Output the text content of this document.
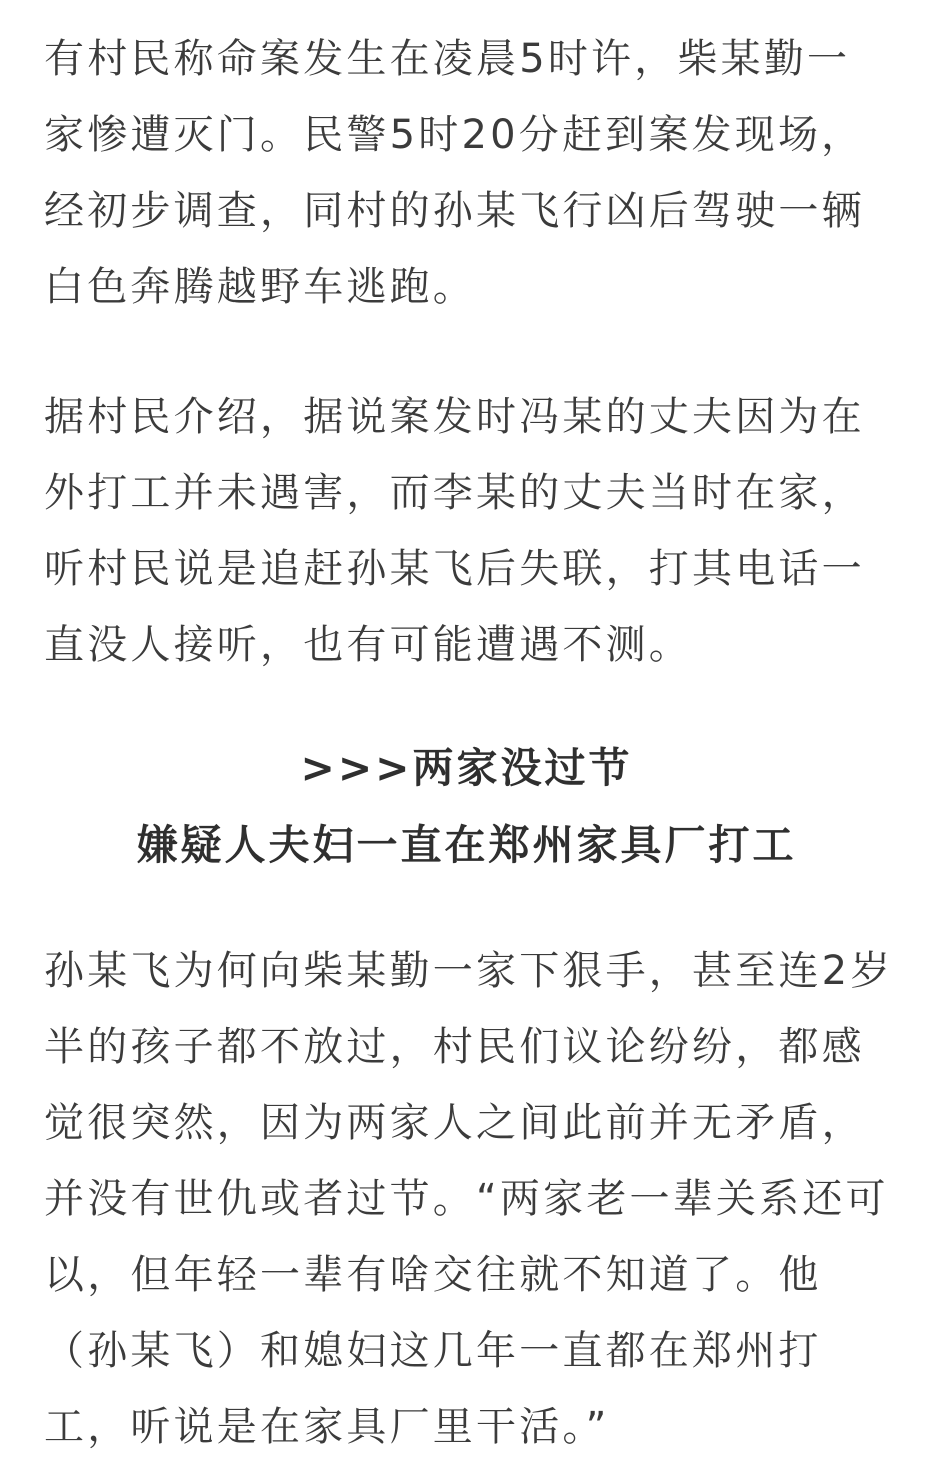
有村民称命案发生在凌晨5时许，柴某勤一
家惨遭灭门。民警5时20分赶到案发现场，
经初步调查，同村的孙某飞行凶后驾驶一辆
白色奔腾越野车逃跑。
据村民介绍，据说案发时冯某的丈夫因为在
外打工并未遇害，而李某的丈夫当时在家，
听村民说是追赶孙某飞后失联，打其电话一
直没人接听，也有可能遭遇不测。
>>>两家没过节
嫌疑人夫妇一直在郑州家具厂打工
孙某飞为何向柴某勤一家下狠手，甚至连2岁
半的孩子都不放过，村民们议论纷纷，都感
觉很突然，因为两家人之间此前并无矛盾，
并没有世仇或者过节。“两家老一辈关系还可
以，但年轻一辈有啥交往就不知道了。他
（孙某飞）和媳妇这几年一直都在郑州打
工，听说是在家具厂里干活。”
